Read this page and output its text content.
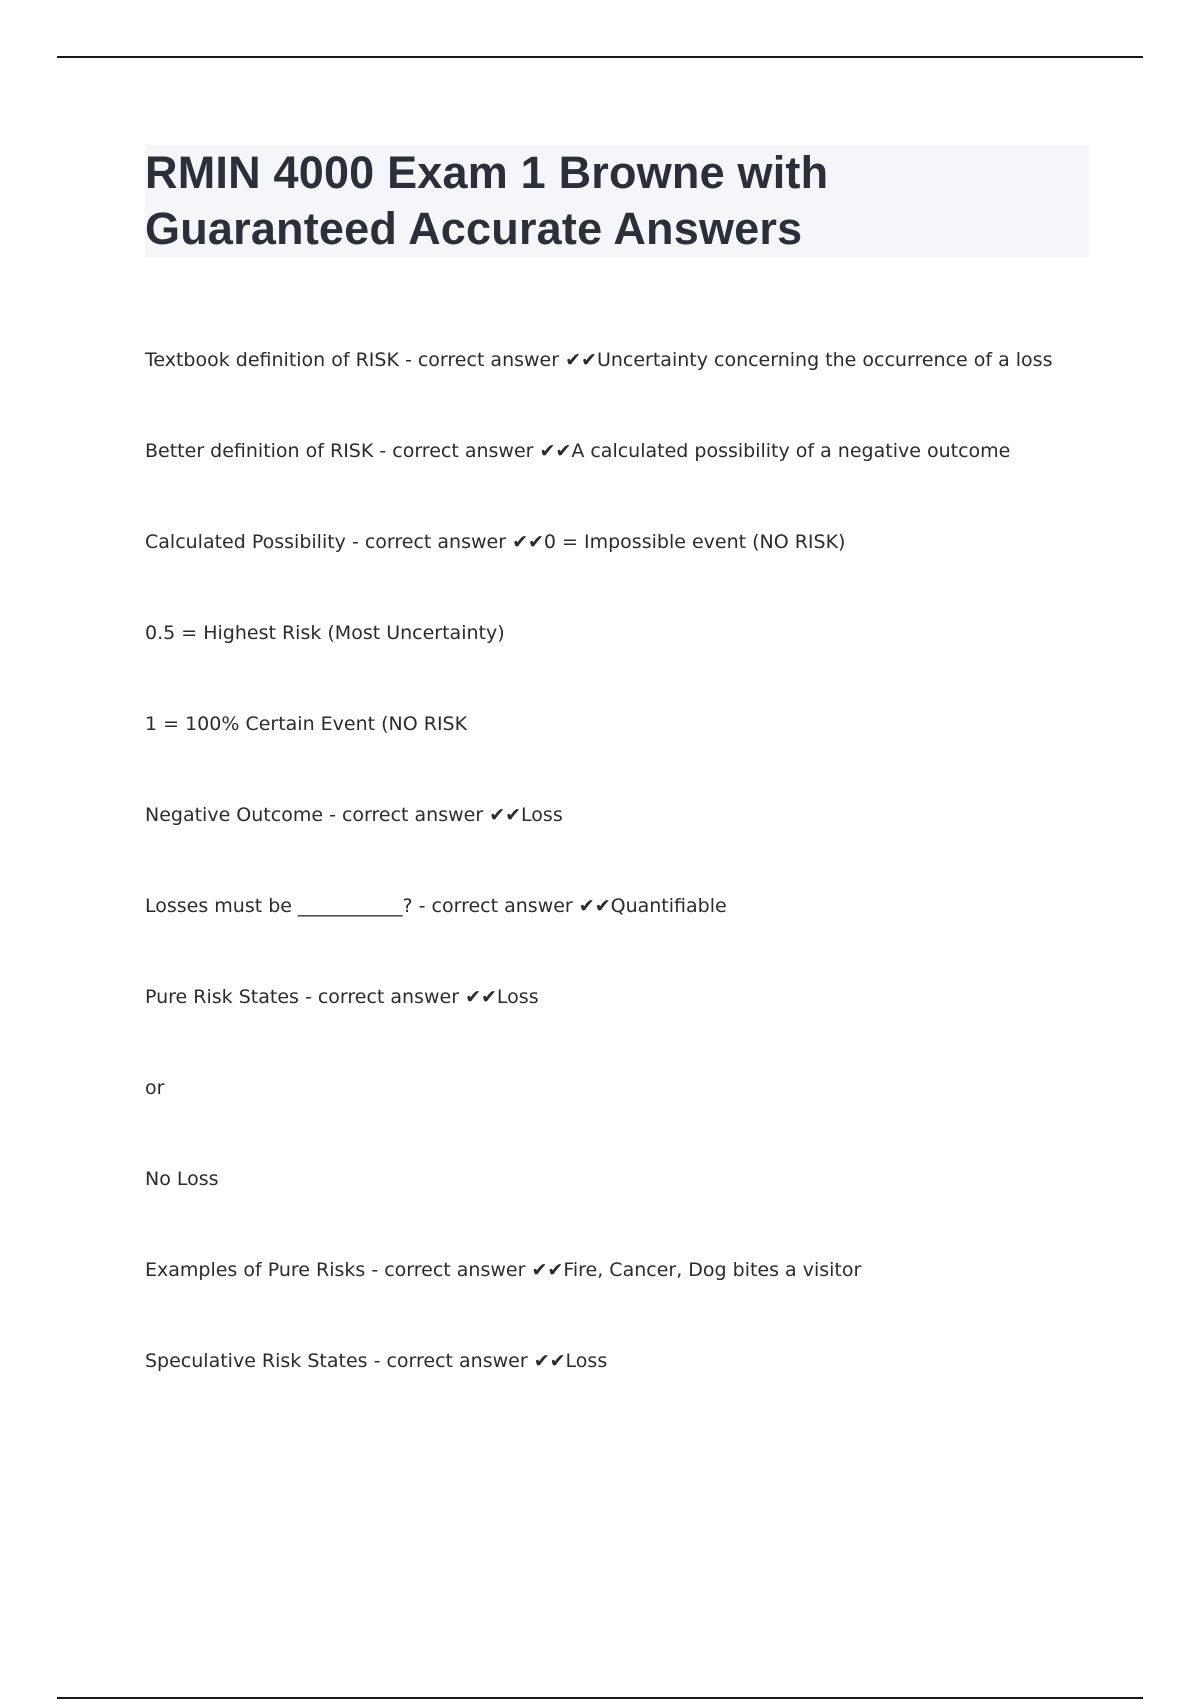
RMIN 4000 Exam 1 Browne with Guaranteed Accurate Answers
Textbook definition of RISK - correct answer ✔✔Uncertainty concerning the occurrence of a loss
Better definition of RISK - correct answer ✔✔A calculated possibility of a negative outcome
Calculated Possibility - correct answer ✔✔0 = Impossible event (NO RISK)
0.5 = Highest Risk (Most Uncertainty)
1 = 100% Certain Event (NO RISK
Negative Outcome - correct answer ✔✔Loss
Losses must be ___________? - correct answer ✔✔Quantifiable
Pure Risk States - correct answer ✔✔Loss
or
No Loss
Examples of Pure Risks - correct answer ✔✔Fire, Cancer, Dog bites a visitor
Speculative Risk States - correct answer ✔✔Loss
